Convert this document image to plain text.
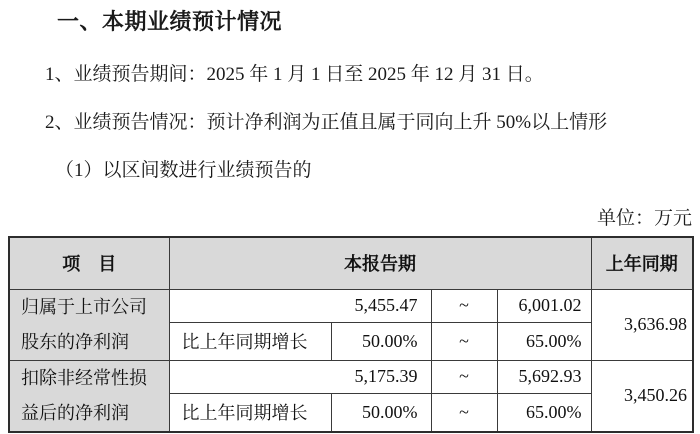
一、本期业绩预计情况

1、业绩预告期间：2025 年 1 月 1 日至 2025 年 12 月 31 日。

2、业绩预告情况：预计净利润为正值且属于同向上升 50%以上情形

（1）以区间数进行业绩预告的

单位：万元

项　目	本报告期				上年同期

归属于上市公司
股东的净利润	5,455.47		~	6,001.02	3,636.98
	比上年同期增长	50.00%	~	65.00%	

扣除非经常性损
益后的净利润	5,175.39		~	5,692.93	3,450.26
	比上年同期增长	50.00%	~	65.00%	
